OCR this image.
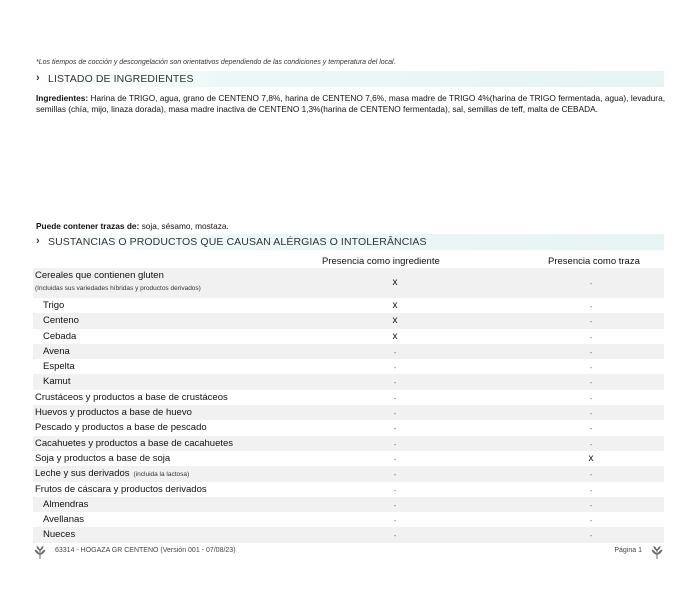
*Los tiempos de cocción y descongelación son orientativos dependiendo de las condiciones y temperatura del local.
› LISTADO DE INGREDIENTES
Ingredientes: Harina de TRIGO, agua, grano de CENTENO 7,8%, harina de CENTENO 7,6%, masa madre de TRIGO 4%(harina de TRIGO fermentada, agua), levadura, semillas (chía, mijo, linaza dorada), masa madre inactiva de CENTENO 1,3%(harina de CENTENO fermentada), sal, semillas de teff, malta de CEBADA.
Puede contener trazas de: soja, sésamo, mostaza.
› SUSTANCIAS O PRODUCTOS QUE CAUSAN ALÉRGIAS O INTOLERÂNCIAS
Presencia como ingrediente	Presencia como traza
Cereales que contienen gluten
(Incluidas sus variedades híbridas y productos derivados)
x	-
Trigo	x	-
Centeno	x	-
Cebada	x	-
Avena	-	-
Espelta	-	-
Kamut	-	-
Crustáceos y productos a base de crustáceos	-	-
Huevos y productos a base de huevo	-	-
Pescado y productos a base de pescado	-	-
Cacahuetes y productos a base de cacahuetes	-	-
Soja y productos a base de soja	-	x
Leche y sus derivados (incluida la lactosa)	-	-
Frutos de cáscara y productos derivados	-	-
Almendras	-	-
Avellanas	-	-
Nueces	-	-
63314 - HOGAZA GR CENTENO (Versión 001 - 07/08/23)	Página 1
